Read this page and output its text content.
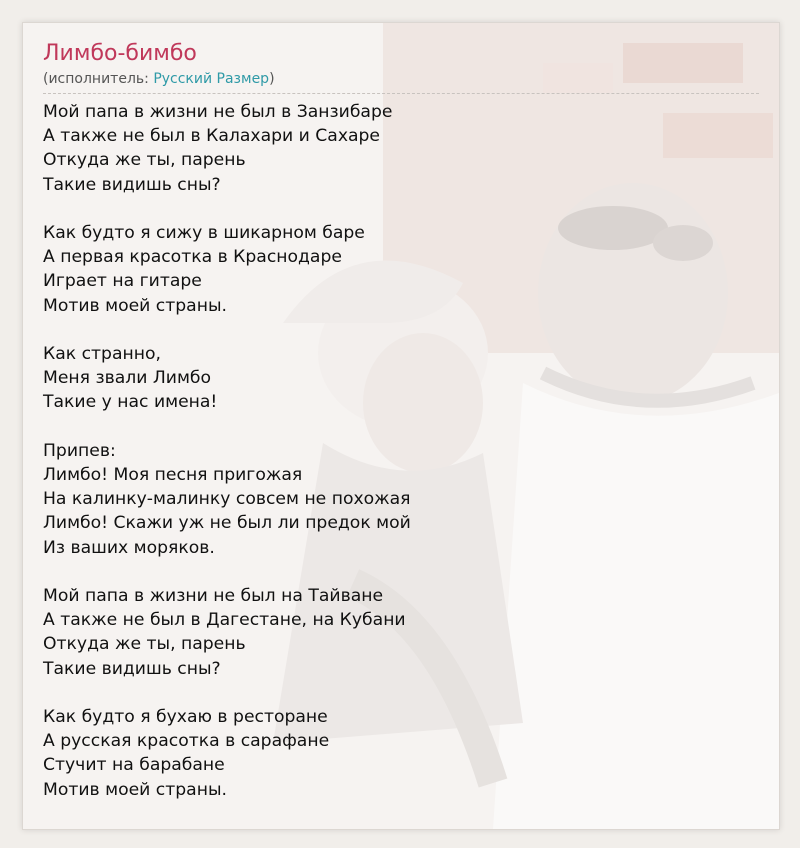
Лимбо-бимбо
(исполнитель: Русский Размер)
Мой папа в жизни не был в Занзибаре
А также не был в Калахари и Сахаре
Откуда же ты, парень
Такие видишь сны?
Как будто я сижу в шикарном баре
А первая красотка в Краснодаре
Играет на гитаре
Мотив моей страны.
Как странно,
Меня звали Лимбо
Такие у нас имена!
Припев:
Лимбо! Моя песня пригожая
На калинку-малинку совсем не похожая
Лимбо! Скажи уж не был ли предок мой
Из ваших моряков.
Мой папа в жизни не был на Тайване
А также не был в Дагестане, на Кубани
Откуда же ты, парень
Такие видишь сны?
Как будто я бухаю в ресторане
А русская красотка в сарафане
Стучит на барабане
Мотив моей страны.
